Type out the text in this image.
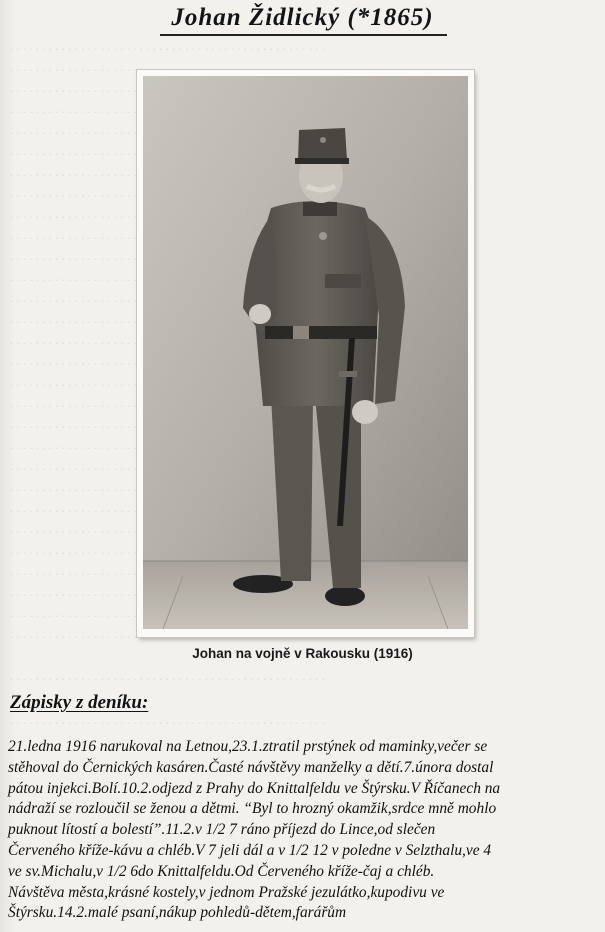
. . . . . . . . . . . . . . . . . . . . . . . . . . . . . . . . . . . . . . . . . . . . . . . . .
. . . . . . . . . . . . . . . . . . . . . . . . . . . . . . . . . . . . . . . . . . . . . . . . .
. . . . . . . . . . . . . . . . . . . .
. . . . . . . . . . . . . . . . . . . .
. . . . . . . . . . . . . . . . . . . .
. . . . . . . . . . . . . . . . . . . .
. . . . . . . . . . . . . . . . . . . .
. . . . . . . . . . . . . . . . . . . .
. . . . . . . . . . . . . . . . . . . .
. . . . . . . . . . . . . . . . . . . .
. . . . . . . . . . . . . . . . . . . .
. . . . . . . . . . . . . . . . . . . .
. . . . . . . . . . . . . . . . . . . .
. . . . . . . . . . . . . . . . . . . .
. . . . . . . . . . . . . . . . . . . .
. . . . . . . . . . . . . . . . . . . .
. . . . . . . . . . . . . . . . . . . .
. . . . . . . . . . . . . . . . . . . .
. . . . . . . . . . . . . . . . . . . .
. . . . . . . . . . . . . . . . . . . .
. . . . . . . . . . . . . . . . . . . .
. . . . . . . . . . . . . . . . . . . .
. . . . . . . . . . . . . . . . . . . .
. . . . . . . . . . . . . . . . . . . .
. . . . . . . . . . . . . . . . . . . .
. . . . . . . . . . . . . . . . . . . .
. . . . . . . . . . . . . . . . . . . .
. . . . . . . . . . . . . . . . . . . .
. . . . . . . . . . . . . . . . . . . .
. . . . . . . . . . . . . . . . . . . . . . . . . . . . . . . . . . . . . . . . . . . . . . . . .
. . . . . . . . . . . . . . . . . . . . . . . . . . . . . . . . . . . . . . . . . . . . . . . . .
Johan Židlický (*1865)
Johan na vojně v Rakousku (1916)
Zápisky z deníku:
21.ledna 1916 narukoval na Letnou,23.1.ztratil prstýnek od maminky,večer se
stěhoval do Černických kasáren.Časté návštěvy manželky a dětí.7.února dostal
pátou injekci.Bolí.10.2.odjezd z Prahy do Knittalfeldu ve Štýrsku.V Říčanech na
nádraží se rozloučil se ženou a dětmi. “Byl to hrozný okamžik,srdce mně mohlo
puknout lítostí a bolestí”.11.2.v 1/2 7 ráno příjezd do Lince,od slečen
Červeného kříže-kávu a chléb.V 7 jeli dál a v 1/2 12 v poledne v Selzthalu,ve 4
ve sv.Michalu,v 1/2 6do Knittalfeldu.Od Červeného kříže-čaj a chléb.
Návštěva města,krásné kostely,v jednom Pražské jezulátko,kupodivu ve
Štýrsku.14.2.malé psaní,nákup pohledů-dětem,farářům
